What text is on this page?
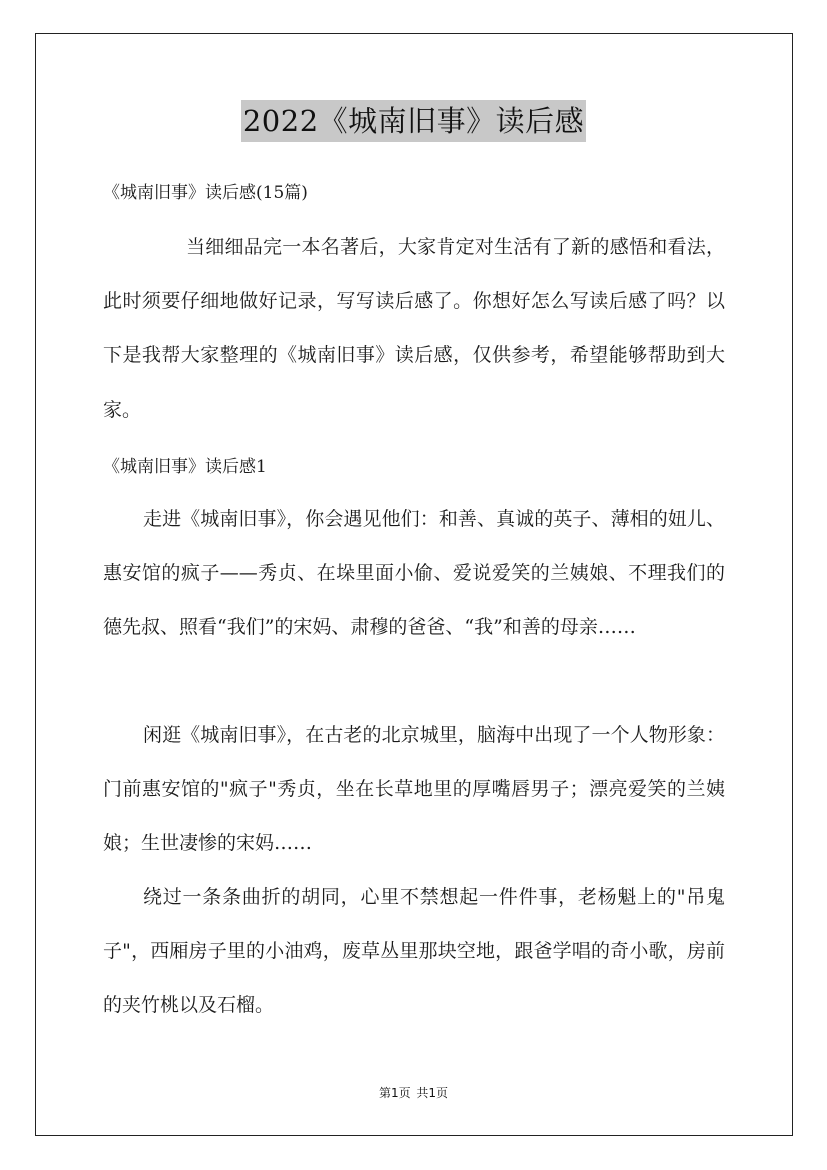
2022《城南旧事》读后感

《城南旧事》读后感(15篇)

当细细品完一本名著后，大家肯定对生活有了新的感悟和看法，此时须要仔细地做好记录，写写读后感了。你想好怎么写读后感了吗？以下是我帮大家整理的《城南旧事》读后感，仅供参考，希望能够帮助到大家。

《城南旧事》读后感1

走进《城南旧事》，你会遇见他们：和善、真诚的英子、薄相的妞儿、惠安馆的疯子——秀贞、在垛里面小偷、爱说爱笑的兰姨娘、不理我们的德先叔、照看“我们”的宋妈、肃穆的爸爸、“我”和善的母亲……

闲逛《城南旧事》，在古老的北京城里，脑海中出现了一个人物形象：门前惠安馆的"疯子"秀贞，坐在长草地里的厚嘴唇男子；漂亮爱笑的兰姨娘；生世凄惨的宋妈……

绕过一条条曲折的胡同，心里不禁想起一件件事，老杨魁上的"吊鬼子"，西厢房子里的小油鸡，废草丛里那块空地，跟爸学唱的奇小歌，房前的夹竹桃以及石榴。

第1页 共1页
